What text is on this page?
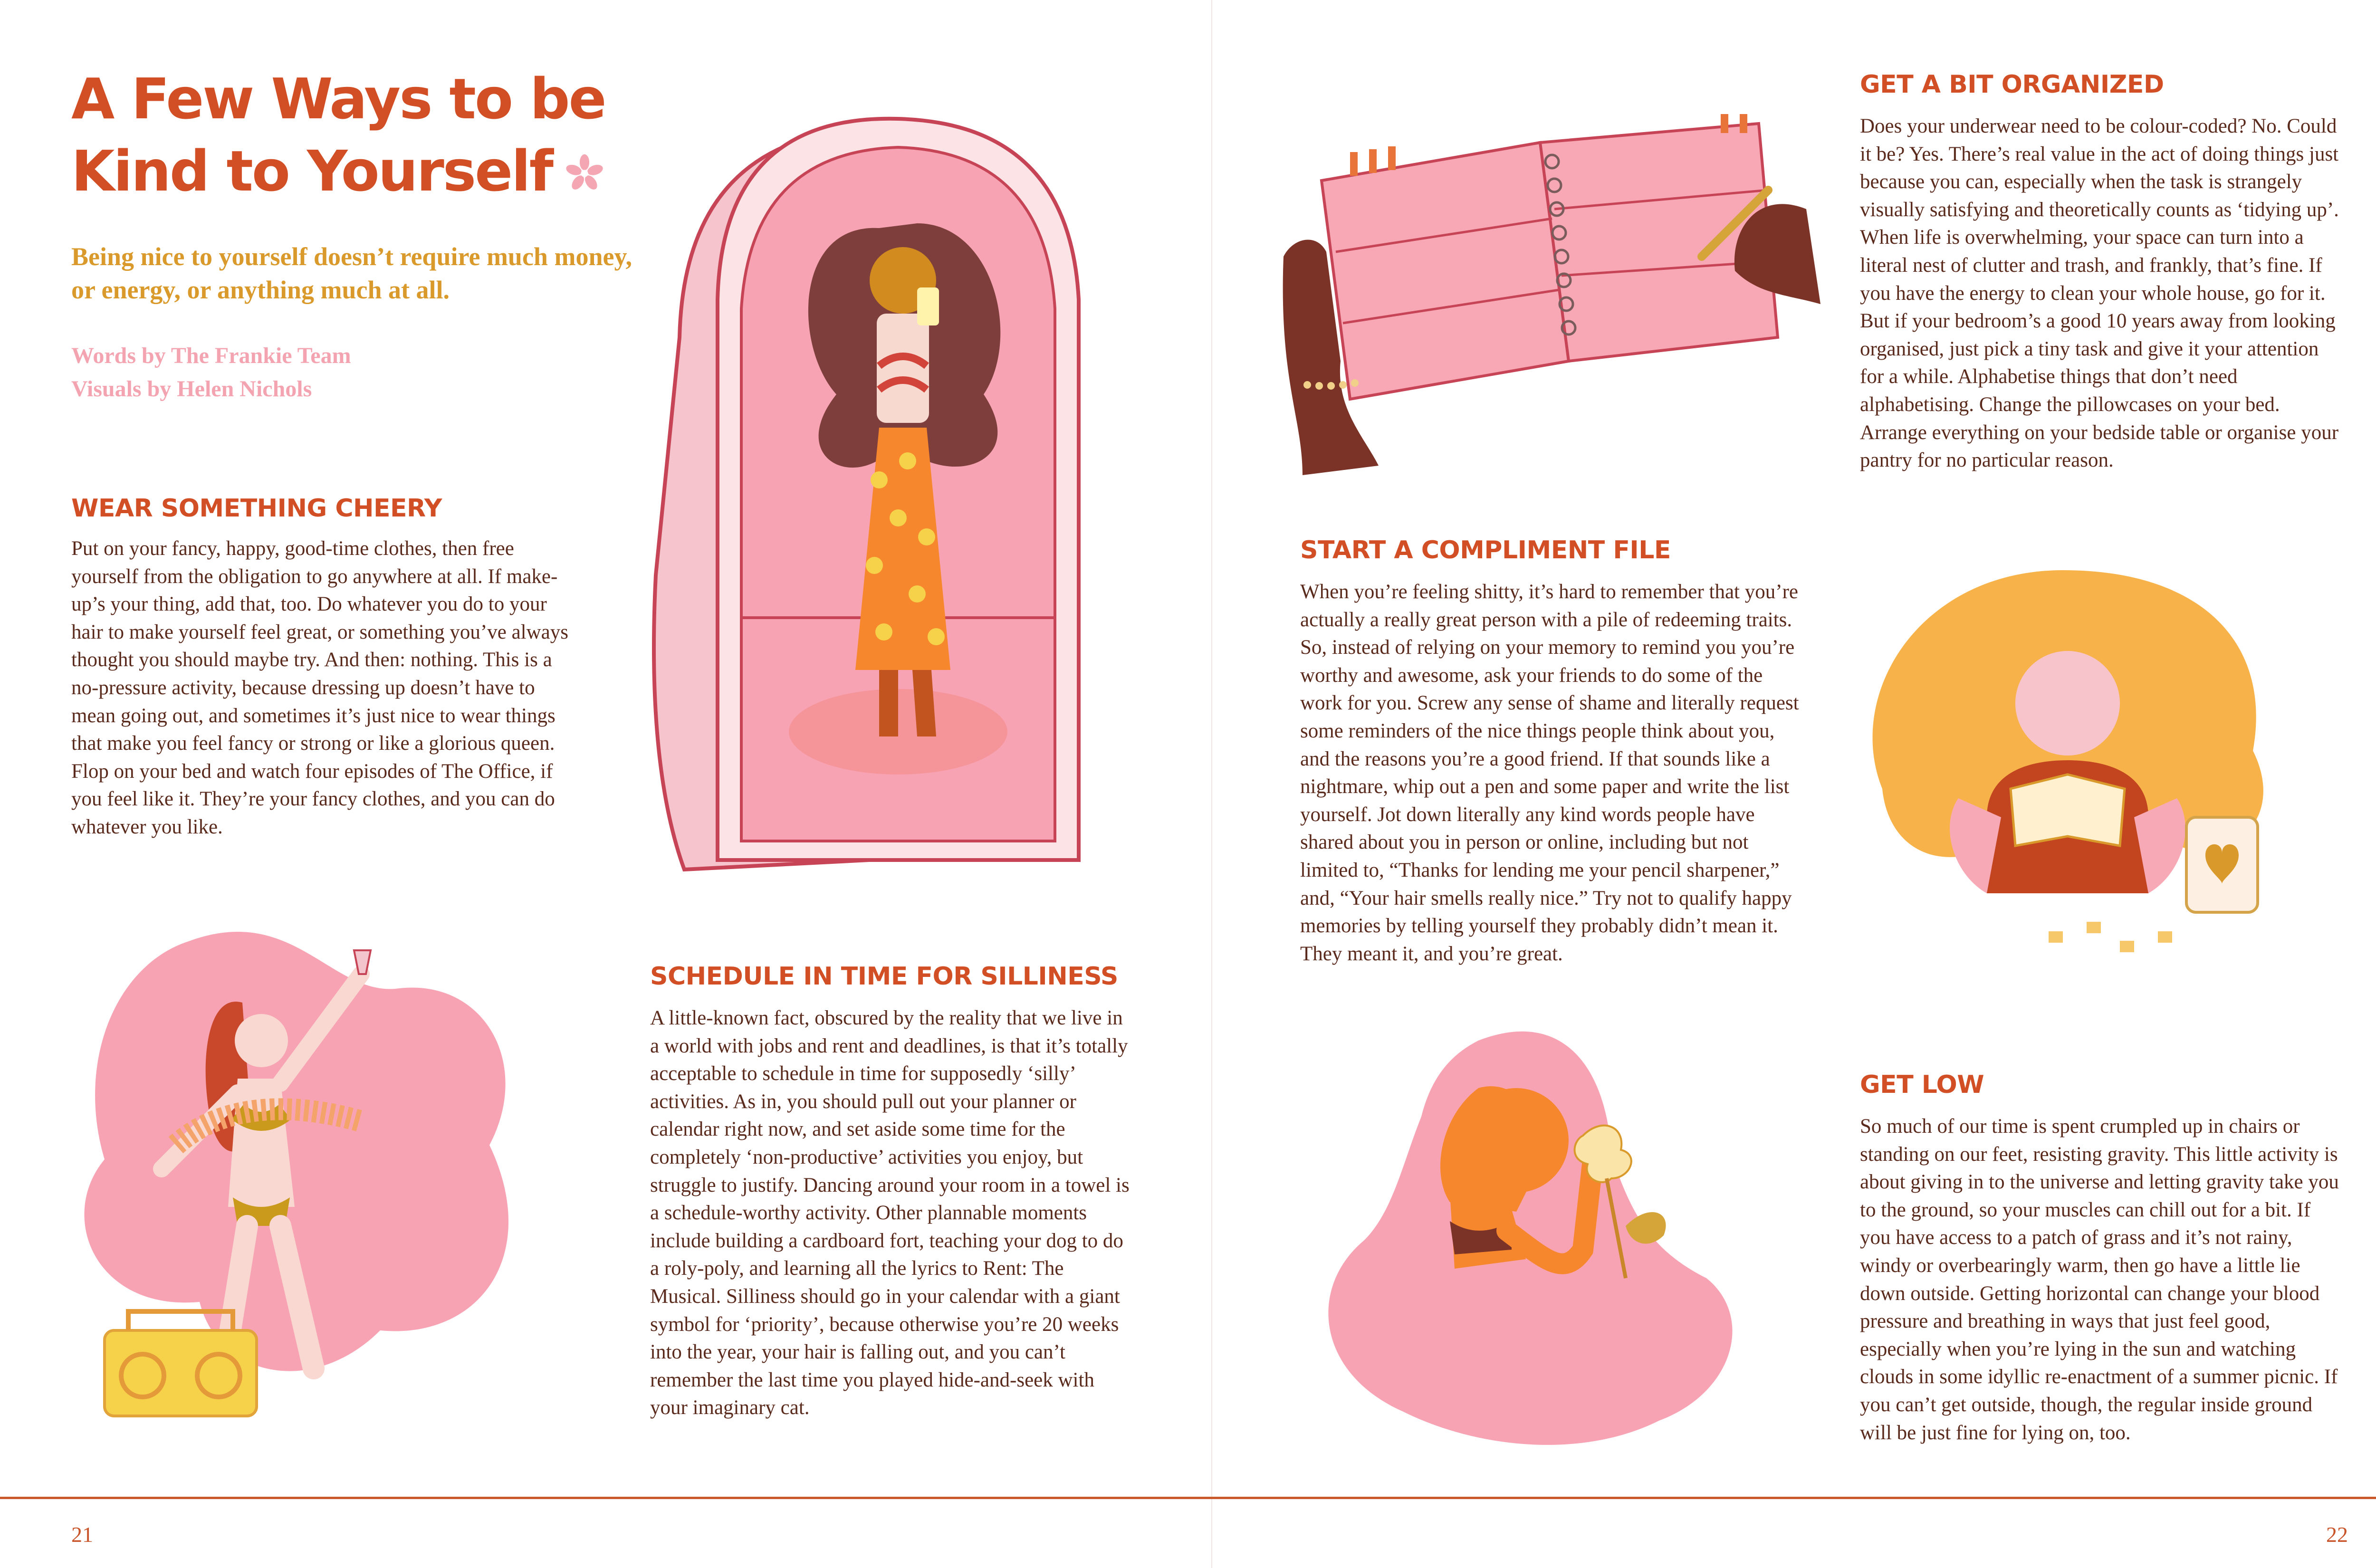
A Few Ways to be
Kind to Yourself

Being nice to yourself doesn’t require much money, or energy, or anything much at all.

Words by The Frankie Team

Visuals by Helen Nichols

WEAR SOMETHING CHEERY

Put on your fancy, happy, good-time clothes, then free yourself from the obligation to go anywhere at all. If make-up’s your thing, add that, too. Do whatever you do to your hair to make yourself feel great, or something you’ve always thought you should maybe try. And then: nothing. This is a no-pressure activity, because dressing up doesn’t have to mean going out, and sometimes it’s just nice to wear things that make you feel fancy or strong or like a glorious queen. Flop on your bed and watch four episodes of The Office, if you feel like it. They’re your fancy clothes, and you can do whatever you like.

SCHEDULE IN TIME FOR SILLINESS

A little-known fact, obscured by the reality that we live in a world with jobs and rent and deadlines, is that it’s totally acceptable to schedule in time for supposedly ‘silly’ activities. As in, you should pull out your planner or calendar right now, and set aside some time for the completely ‘non-productive’ activities you enjoy, but struggle to justify. Dancing around your room in a towel is a schedule-worthy activity. Other plannable moments include building a cardboard fort, teaching your dog to do a roly-poly, and learning all the lyrics to Rent: The Musical. Silliness should go in your calendar with a giant symbol for ‘priority’, because otherwise you’re 20 weeks into the year, your hair is falling out, and you can’t remember the last time you played hide-and-seek with your imaginary cat.

GET A BIT ORGANIZED

Does your underwear need to be colour-coded? No. Could it be? Yes. There’s real value in the act of doing things just because you can, especially when the task is strangely visually satisfying and theoretically counts as ‘tidying up’. When life is overwhelming, your space can turn into a literal nest of clutter and trash, and frankly, that’s fine. If you have the energy to clean your whole house, go for it. But if your bedroom’s a good 10 years away from looking organised, just pick a tiny task and give it your attention for a while. Alphabetise things that don’t need alphabetising. Change the pillowcases on your bed. Arrange everything on your bedside table or organise your pantry for no particular reason.

START A COMPLIMENT FILE

When you’re feeling shitty, it’s hard to remember that you’re actually a really great person with a pile of redeeming traits. So, instead of relying on your memory to remind you you’re worthy and awesome, ask your friends to do some of the work for you. Screw any sense of shame and literally request some reminders of the nice things people think about you, and the reasons you’re a good friend. If that sounds like a nightmare, whip out a pen and some paper and write the list yourself. Jot down literally any kind words people have shared about you in person or online, including but not limited to, “Thanks for lending me your pencil sharpener,” and, “Your hair smells really nice.” Try not to qualify happy memories by telling yourself they probably didn’t mean it. They meant it, and you’re great.

GET LOW

So much of our time is spent crumpled up in chairs or standing on our feet, resisting gravity. This little activity is about giving in to the universe and letting gravity take you to the ground, so your muscles can chill out for a bit. If you have access to a patch of grass and it’s not rainy, windy or overbearingly warm, then go have a little lie down outside. Getting horizontal can change your blood pressure and breathing in ways that just feel good, especially when you’re lying in the sun and watching clouds in some idyllic re-enactment of a summer picnic. If you can’t get outside, though, the regular inside ground will be just fine for lying on, too.

21	22
